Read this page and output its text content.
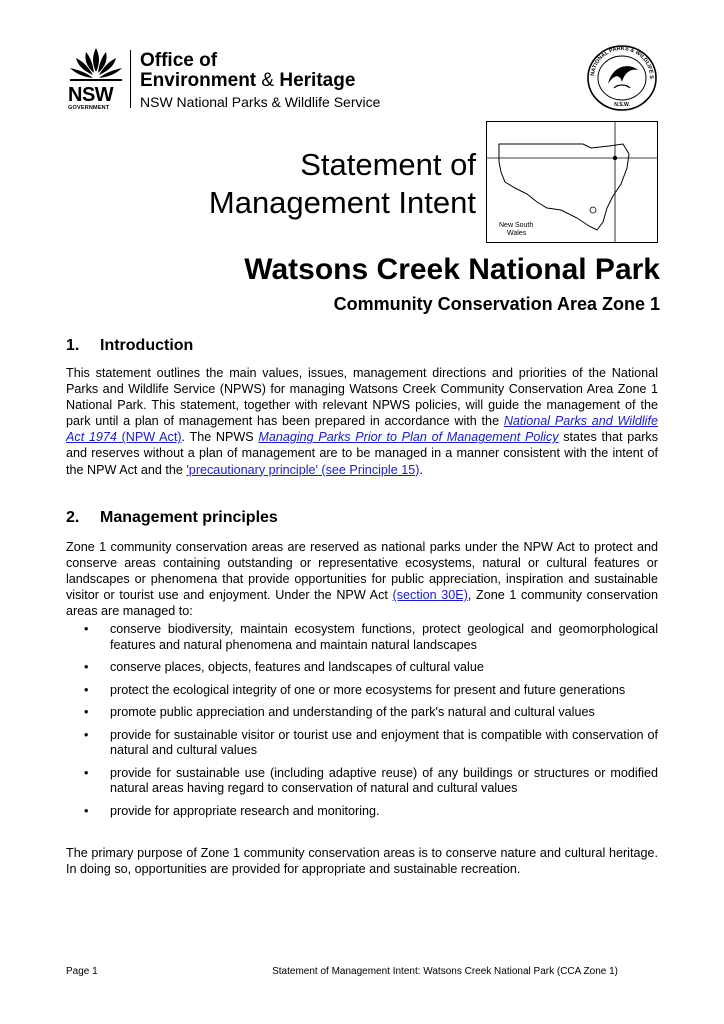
NSW
GOVERNMENT
Office of
Environment & Heritage
NSW National Parks & Wildlife Service
NATIONAL PARKS & WILDLIFE S
N.S.W.
Statement of
Management Intent
New South
Wales
Watsons Creek National Park
Community Conservation Area Zone 1
1. Introduction
This statement outlines the main values, issues, management directions and priorities of the National Parks and Wildlife Service (NPWS) for managing Watsons Creek Community Conservation Area Zone 1 National Park. This statement, together with relevant NPWS policies, will guide the management of the park until a plan of management has been prepared in accordance with the National Parks and Wildlife Act 1974 (NPW Act). The NPWS Managing Parks Prior to Plan of Management Policy states that parks and reserves without a plan of management are to be managed in a manner consistent with the intent of the NPW Act and the 'precautionary principle' (see Principle 15).
2. Management principles
Zone 1 community conservation areas are reserved as national parks under the NPW Act to protect and conserve areas containing outstanding or representative ecosystems, natural or cultural features or landscapes or phenomena that provide opportunities for public appreciation, inspiration and sustainable visitor or tourist use and enjoyment. Under the NPW Act (section 30E), Zone 1 community conservation areas are managed to:
• conserve biodiversity, maintain ecosystem functions, protect geological and geomorphological features and natural phenomena and maintain natural landscapes
• conserve places, objects, features and landscapes of cultural value
• protect the ecological integrity of one or more ecosystems for present and future generations
• promote public appreciation and understanding of the park's natural and cultural values
• provide for sustainable visitor or tourist use and enjoyment that is compatible with conservation of natural and cultural values
• provide for sustainable use (including adaptive reuse) of any buildings or structures or modified natural areas having regard to conservation of natural and cultural values
• provide for appropriate research and monitoring.
The primary purpose of Zone 1 community conservation areas is to conserve nature and cultural heritage. In doing so, opportunities are provided for appropriate and sustainable recreation.
Page 1	Statement of Management Intent: Watsons Creek National Park (CCA Zone 1)
